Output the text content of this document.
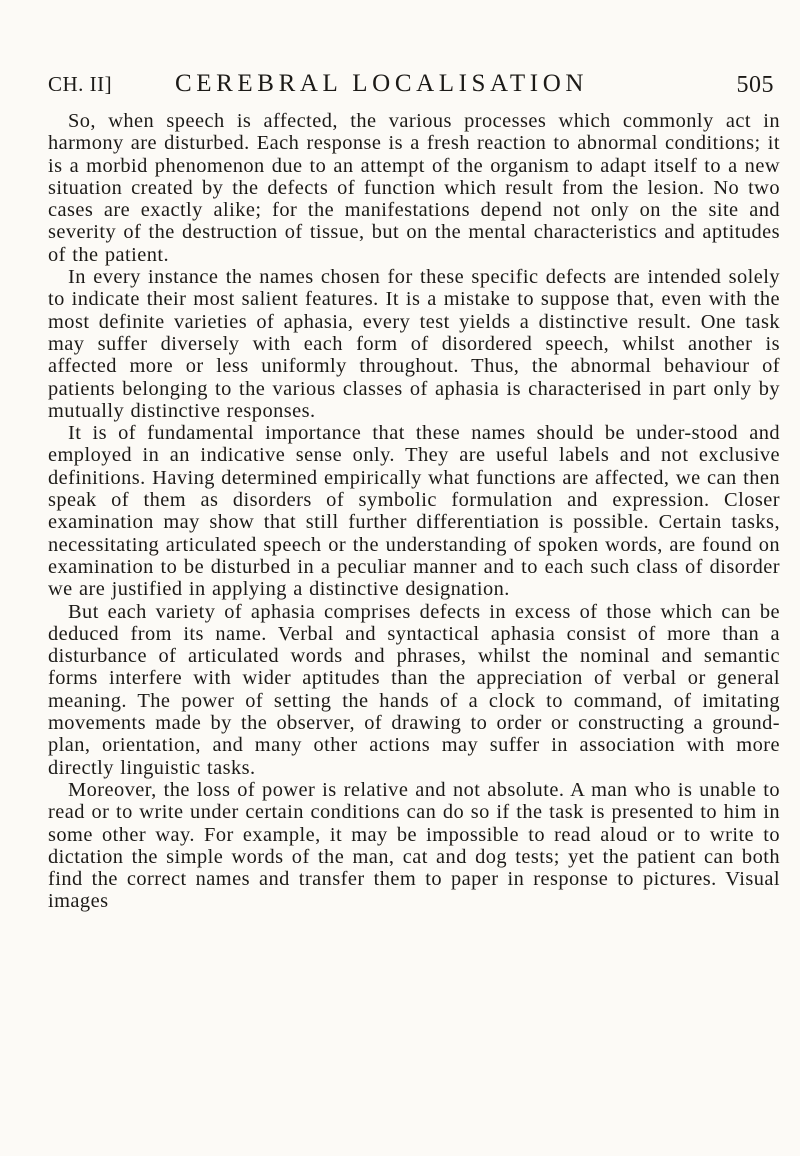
CH. II]	CEREBRAL LOCALISATION	505

So, when speech is affected, the various processes which commonly act in harmony are disturbed. Each response is a fresh reaction to abnormal conditions; it is a morbid phenomenon due to an attempt of the organism to adapt itself to a new situation created by the defects of function which result from the lesion. No two cases are exactly alike; for the manifestations depend not only on the site and severity of the destruction of tissue, but on the mental characteristics and aptitudes of the patient.

In every instance the names chosen for these specific defects are intended solely to indicate their most salient features. It is a mistake to suppose that, even with the most definite varieties of aphasia, every test yields a distinctive result. One task may suffer diversely with each form of disordered speech, whilst another is affected more or less uniformly throughout. Thus, the abnormal behaviour of patients belonging to the various classes of aphasia is characterised in part only by mutually distinctive responses.

It is of fundamental importance that these names should be under-stood and employed in an indicative sense only. They are useful labels and not exclusive definitions. Having determined empirically what functions are affected, we can then speak of them as disorders of symbolic formulation and expression. Closer examination may show that still further differentiation is possible. Certain tasks, necessitating articulated speech or the understanding of spoken words, are found on examination to be disturbed in a peculiar manner and to each such class of disorder we are justified in applying a distinctive designation.

But each variety of aphasia comprises defects in excess of those which can be deduced from its name. Verbal and syntactical aphasia consist of more than a disturbance of articulated words and phrases, whilst the nominal and semantic forms interfere with wider aptitudes than the appreciation of verbal or general meaning. The power of setting the hands of a clock to command, of imitating movements made by the observer, of drawing to order or constructing a ground-plan, orientation, and many other actions may suffer in association with more directly linguistic tasks.

Moreover, the loss of power is relative and not absolute. A man who is unable to read or to write under certain conditions can do so if the task is presented to him in some other way. For example, it may be impossible to read aloud or to write to dictation the simple words of the man, cat and dog tests; yet the patient can both find the correct names and transfer them to paper in response to pictures. Visual images
